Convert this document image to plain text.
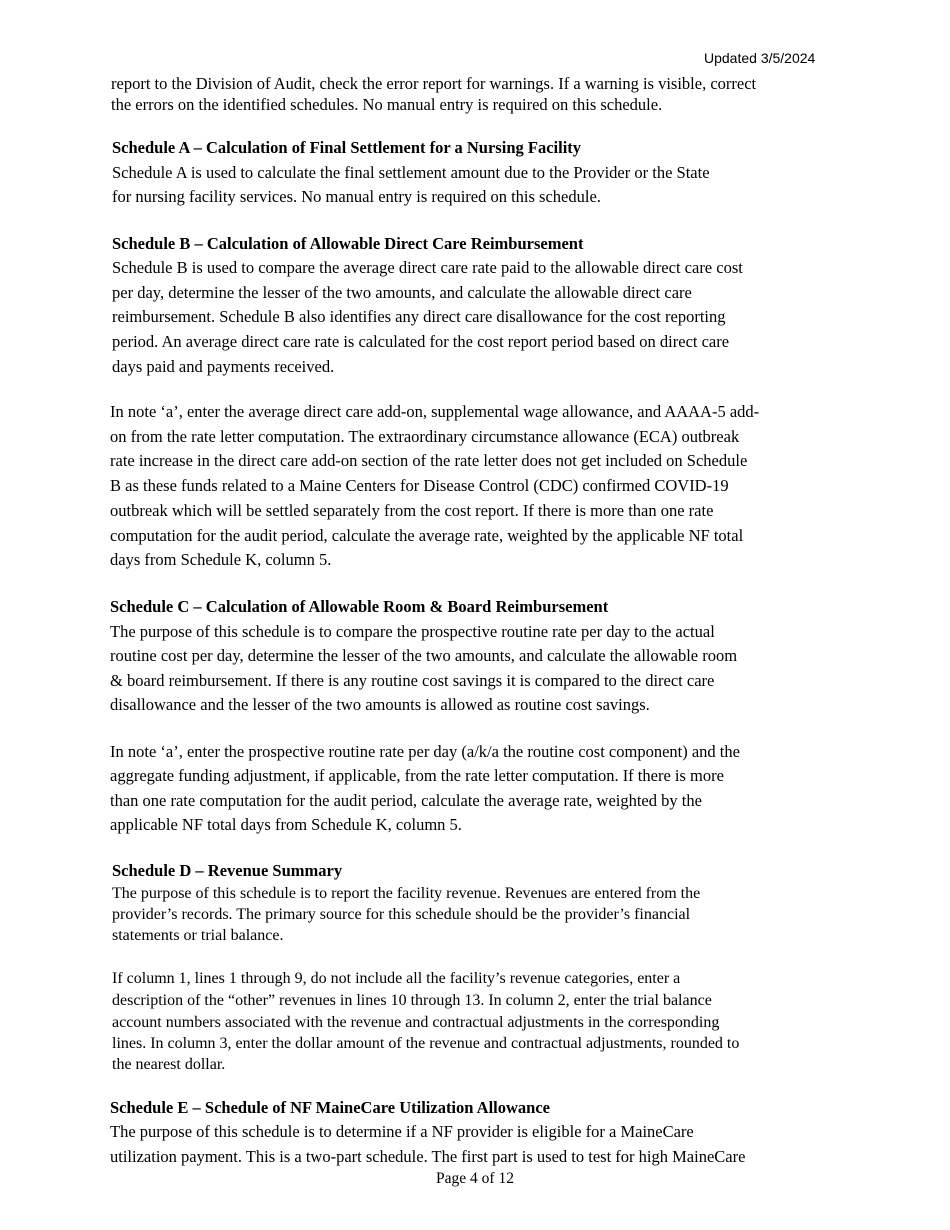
Updated 3/5/2024
report to the Division of Audit, check the error report for warnings. If a warning is visible, correct
the errors on the identified schedules. No manual entry is required on this schedule.
Schedule A – Calculation of Final Settlement for a Nursing Facility
Schedule A is used to calculate the final settlement amount due to the Provider or the State
for nursing facility services. No manual entry is required on this schedule.
Schedule B – Calculation of Allowable Direct Care Reimbursement
Schedule B is used to compare the average direct care rate paid to the allowable direct care cost
per day, determine the lesser of the two amounts, and calculate the allowable direct care
reimbursement. Schedule B also identifies any direct care disallowance for the cost reporting
period. An average direct care rate is calculated for the cost report period based on direct care
days paid and payments received.
In note ‘a’, enter the average direct care add-on, supplemental wage allowance, and AAAA-5 add-
on from the rate letter computation. The extraordinary circumstance allowance (ECA) outbreak
rate increase in the direct care add-on section of the rate letter does not get included on Schedule
B as these funds related to a Maine Centers for Disease Control (CDC) confirmed COVID-19
outbreak which will be settled separately from the cost report. If there is more than one rate
computation for the audit period, calculate the average rate, weighted by the applicable NF total
days from Schedule K, column 5.
Schedule C – Calculation of Allowable Room & Board Reimbursement
The purpose of this schedule is to compare the prospective routine rate per day to the actual
routine cost per day, determine the lesser of the two amounts, and calculate the allowable room
& board reimbursement. If there is any routine cost savings it is compared to the direct care
disallowance and the lesser of the two amounts is allowed as routine cost savings.
In note ‘a’, enter the prospective routine rate per day (a/k/a the routine cost component) and the
aggregate funding adjustment, if applicable, from the rate letter computation. If there is more
than one rate computation for the audit period, calculate the average rate, weighted by the
applicable NF total days from Schedule K, column 5.
Schedule D – Revenue Summary
The purpose of this schedule is to report the facility revenue. Revenues are entered from the
provider’s records. The primary source for this schedule should be the provider’s financial
statements or trial balance.
If column 1, lines 1 through 9, do not include all the facility’s revenue categories, enter a
description of the “other” revenues in lines 10 through 13. In column 2, enter the trial balance
account numbers associated with the revenue and contractual adjustments in the corresponding
lines. In column 3, enter the dollar amount of the revenue and contractual adjustments, rounded to
the nearest dollar.
Schedule E – Schedule of NF MaineCare Utilization Allowance
The purpose of this schedule is to determine if a NF provider is eligible for a MaineCare
utilization payment. This is a two-part schedule. The first part is used to test for high MaineCare
Page 4 of 12
